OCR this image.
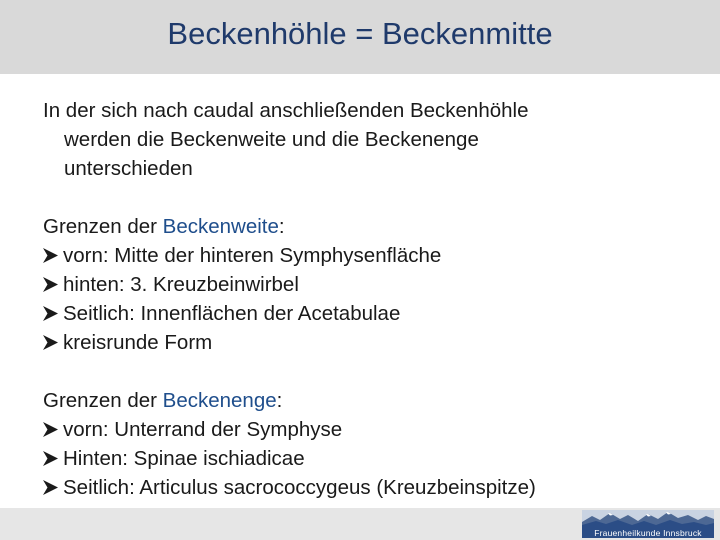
Beckenhöhle = Beckenmitte

In der sich nach caudal anschließenden Beckenhöhle

werden die Beckenweite und die Beckenenge

unterschieden

Grenzen der Beckenweite:

vorn: Mitte der hinteren Symphysenfläche
hinten: 3. Kreuzbeinwirbel
Seitlich: Innenflächen der Acetabulae
kreisrunde Form

Grenzen der Beckenenge:

vorn: Unterrand der Symphyse
Hinten: Spinae ischiadicae
Seitlich: Articulus sacrococcygeus (Kreuzbeinspitze)
Frauenheilkunde Innsbruck
